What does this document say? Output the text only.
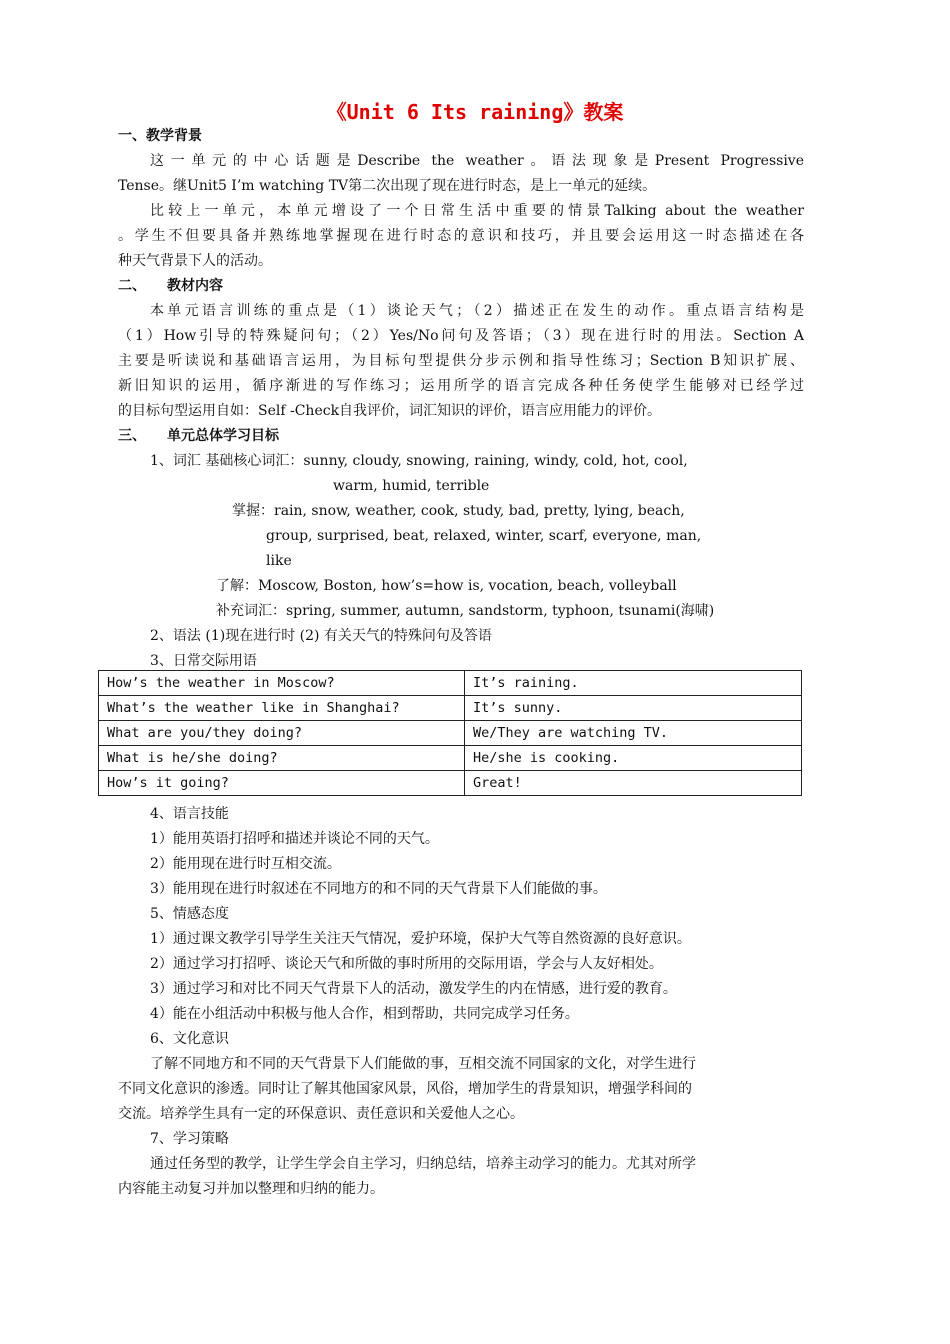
《Unit 6 Its raining》教案
一、教学背景
这一单元的中心话题是Describe the weather。语法现象是Present Progressive
Tense。继Unit5 I’m watching TV第二次出现了现在进行时态，是上一单元的延续。
比较上一单元，本单元增设了一个日常生活中重要的情景Talking about the weather
。学生不但要具备并熟练地掌握现在进行时态的意识和技巧，并且要会运用这一时态描述在各
种天气背景下人的活动。
二、　　教材内容
本单元语言训练的重点是（1）谈论天气；（2）描述正在发生的动作。重点语言结构是
（1）How引导的特殊疑问句；（2）Yes/No问句及答语；（3）现在进行时的用法。Section A
主要是听读说和基础语言运用，为目标句型提供分步示例和指导性练习；Section B知识扩展、
新旧知识的运用，循序渐进的写作练习；运用所学的语言完成各种任务使学生能够对已经学过
的目标句型运用自如：Self -Check自我评价，词汇知识的评价，语言应用能力的评价。
三、　　单元总体学习目标
1、词汇 基础核心词汇：sunny, cloudy, snowing, raining, windy, cold, hot, cool,
warm, humid, terrible
掌握：rain, snow, weather, cook, study, bad, pretty, lying, beach,
group, surprised, beat, relaxed, winter, scarf, everyone, man,
like
了解：Moscow, Boston, how’s=how is, vocation, beach, volleyball
补充词汇：spring, summer, autumn, sandstorm, typhoon, tsunami(海啸)
2、语法 (1)现在进行时 (2) 有关天气的特殊问句及答语
3、日常交际用语
How’s the weather in Moscow?	It’s raining.
What’s the weather like in Shanghai?	It’s sunny.
What are you/they doing?	We/They are watching TV.
What is he/she doing?	He/she is cooking.
How’s it going?	Great!
4、语言技能
1）能用英语打招呼和描述并谈论不同的天气。
2）能用现在进行时互相交流。
3）能用现在进行时叙述在不同地方的和不同的天气背景下人们能做的事。
5、情感态度
1）通过课文教学引导学生关注天气情况，爱护环境，保护大气等自然资源的良好意识。
2）通过学习打招呼、谈论天气和所做的事时所用的交际用语，学会与人友好相处。
3）通过学习和对比不同天气背景下人的活动，激发学生的内在情感，进行爱的教育。
4）能在小组活动中积极与他人合作，相到帮助，共同完成学习任务。
6、文化意识
了解不同地方和不同的天气背景下人们能做的事，互相交流不同国家的文化，对学生进行
不同文化意识的渗透。同时让了解其他国家风景，风俗，增加学生的背景知识，增强学科间的
交流。培养学生具有一定的环保意识、责任意识和关爱他人之心。
7、学习策略
通过任务型的教学，让学生学会自主学习，归纳总结，培养主动学习的能力。尤其对所学
内容能主动复习并加以整理和归纳的能力。
